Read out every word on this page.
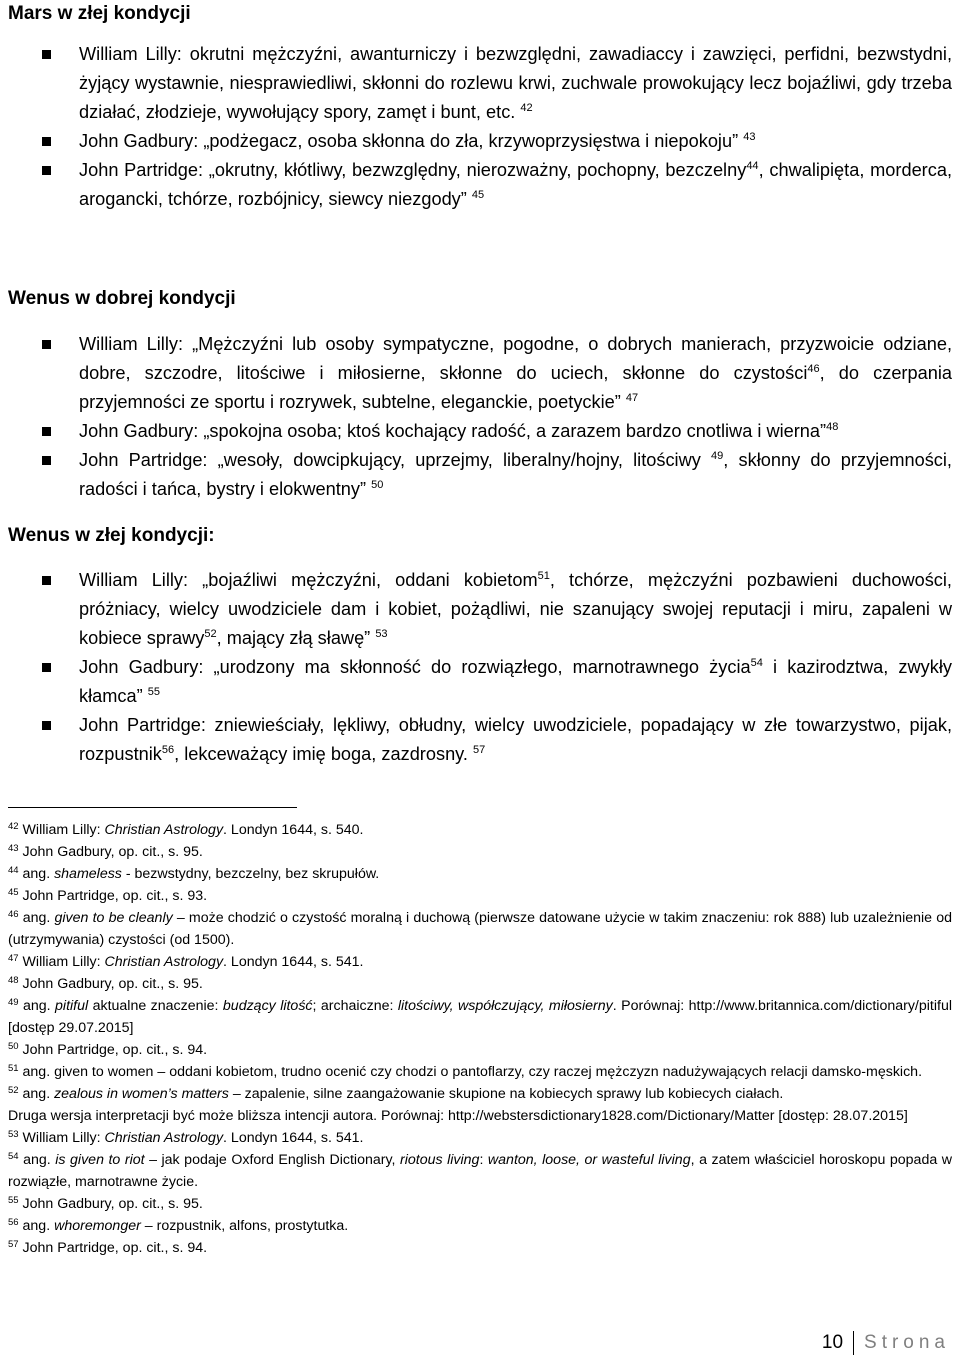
Mars w złej kondycji
William Lilly: okrutni mężczyźni, awanturniczy i bezwzględni, zawadiaccy i zawzięci, perfidni, bezwstydni, żyjący wystawnie, niesprawiedliwi, skłonni do rozlewu krwi, zuchwale prowokujący lecz bojaźliwi, gdy trzeba działać, złodzieje, wywołujący spory, zamęt i bunt, etc. $^{42}$
John Gadbury: „podżegacz, osoba skłonna do zła, krzywoprzysięstwa i niepokoju” $^{43}$
John Partridge: „okrutny, kłótliwy, bezwzględny, nierozważny, pochopny, bezczelny$^{44}$, chwalipięta, morderca, arogancki, tchórze, rozbójnicy, siewcy niezgody” $^{45}$
Wenus w dobrej kondycji
William Lilly: „Mężczyźni lub osoby sympatyczne, pogodne, o dobrych manierach, przyzwoicie odziane, dobre, szczodre, litościwe i miłosierne, skłonne do uciech, skłonne do czystości$^{46}$, do czerpania przyjemności ze sportu i rozrywek, subtelne, eleganckie, poetyckie” $^{47}$
John Gadbury: „spokojna osoba; ktoś kochający radość, a zarazem bardzo cnotliwa i wierna”$^{48}$
John Partridge: „wesoły, dowcipkujący, uprzejmy, liberalny/hojny, litościwy $^{49}$, skłonny do przyjemności, radości i tańca, bystry i elokwentny” $^{50}$
Wenus w złej kondycji:
William Lilly: „bojaźliwi mężczyźni, oddani kobietom$^{51}$, tchórze, mężczyźni pozbawieni duchowości, próżniacy, wielcy uwodziciele dam i kobiet, pożądliwi, nie szanujący swojej reputacji i miru, zapaleni w kobiece sprawy$^{52}$, mający złą sławę” $^{53}$
John Gadbury: „urodzony ma skłonność do rozwiązłego, marnotrawnego życia$^{54}$ i kazirodztwa, zwykły kłamca” $^{55}$
John Partridge: zniewieściały, lękliwy, obłudny, wielcy uwodziciele, popadający w złe towarzystwo, pijak, rozpustnik$^{56}$, lekceważący imię boga, zazdrosny. $^{57}$

$^{42}$ William Lilly: Christian Astrology. Londyn 1644, s. 540.

$^{43}$ John Gadbury, op. cit., s. 95.

$^{44}$ ang. shameless - bezwstydny, bezczelny, bez skrupułów.

$^{45}$ John Partridge, op. cit., s. 93.

$^{46}$ ang. given to be cleanly – może chodzić o czystość moralną i duchową (pierwsze datowane użycie w takim znaczeniu: rok 888) lub uzależnienie od (utrzymywania) czystości (od 1500).

$^{47}$ William Lilly: Christian Astrology. Londyn 1644, s. 541.

$^{48}$ John Gadbury, op. cit., s. 95.

$^{49}$ ang. pitiful aktualne znaczenie: budzący litość; archaiczne: litościwy, współczujący, miłosierny. Porównaj: http://www.britannica.com/dictionary/pitiful [dostęp 29.07.2015]

$^{50}$ John Partridge, op. cit., s. 94.

$^{51}$ ang. given to women – oddani kobietom, trudno ocenić czy chodzi o pantoflarzy, czy raczej mężczyzn nadużywających relacji damsko-męskich.

$^{52}$ ang. zealous in women’s matters – zapalenie, silne zaangażowanie skupione na kobiecych sprawy lub kobiecych ciałach.
Druga wersja interpretacji być może bliższa intencji autora. Porównaj: http://webstersdictionary1828.com/Dictionary/Matter [dostęp: 28.07.2015]

$^{53}$ William Lilly: Christian Astrology. Londyn 1644, s. 541.

$^{54}$ ang. is given to riot – jak podaje Oxford English Dictionary, riotous living: wanton, loose, or wasteful living, a zatem właściciel horoskopu popada w rozwiązłe, marnotrawne życie.

$^{55}$ John Gadbury, op. cit., s. 95.

$^{56}$ ang. whoremonger – rozpustnik, alfons, prostytutka.

$^{57}$ John Partridge, op. cit., s. 94.

10 Strona
